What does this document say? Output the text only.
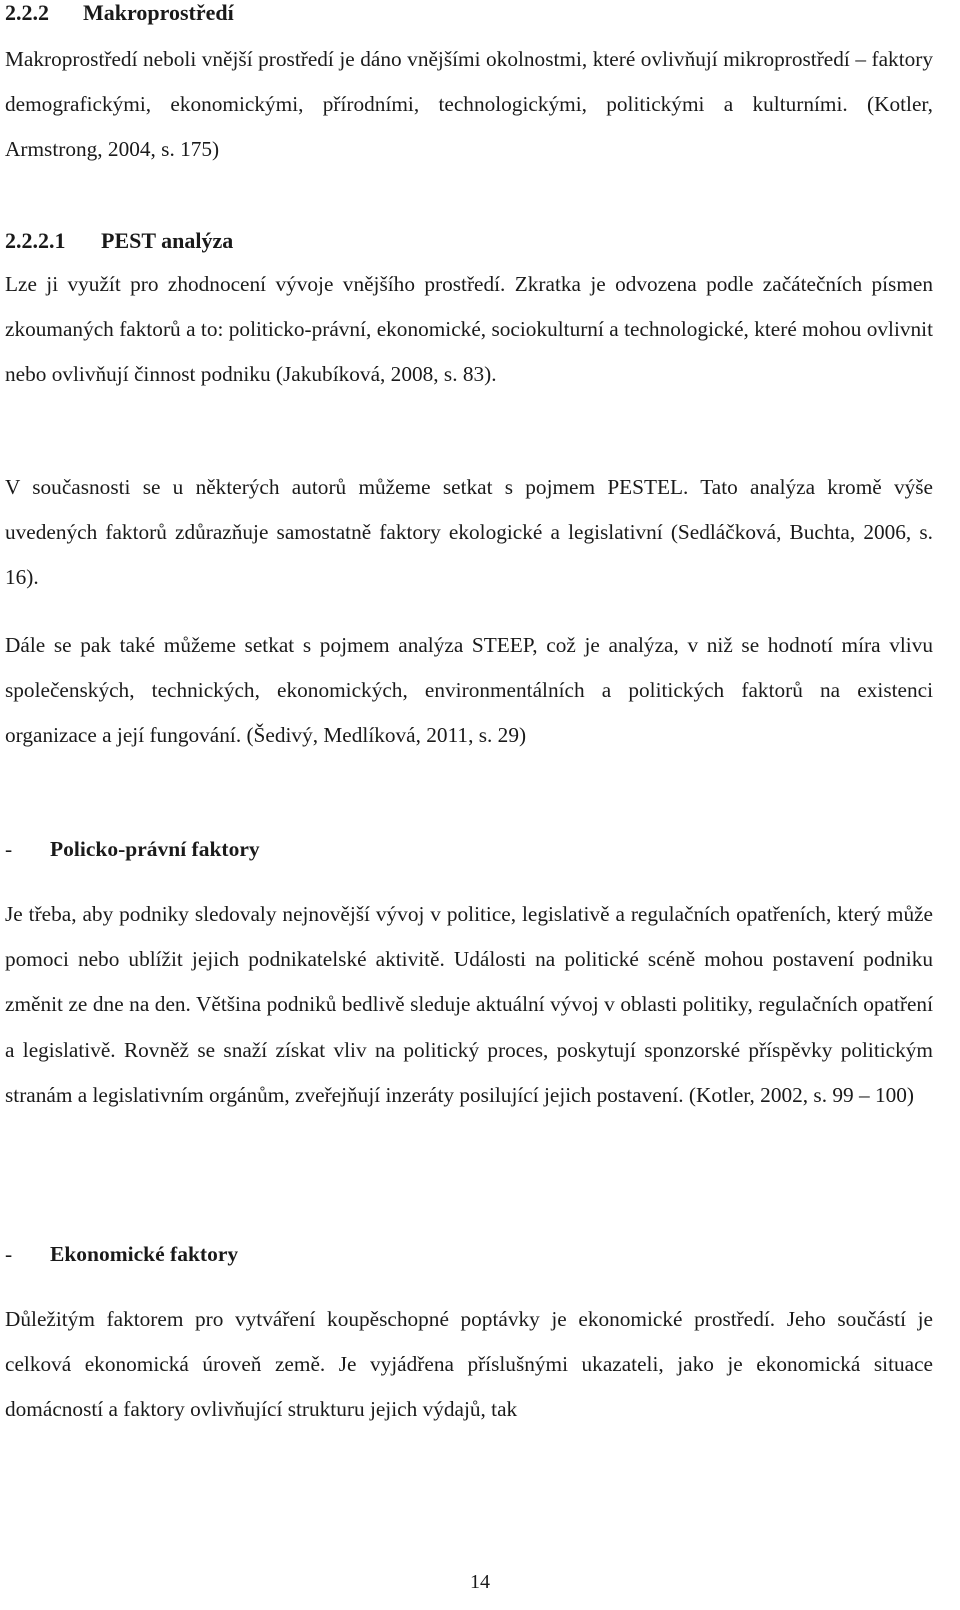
2.2.2 Makroprostředí

Makroprostředí neboli vnější prostředí je dáno vnějšími okolnostmi, které ovlivňují mikroprostředí – faktory demografickými, ekonomickými, přírodními, technologickými, politickými a kulturními. (Kotler, Armstrong, 2004, s. 175)

2.2.2.1 PEST analýza

Lze ji využít pro zhodnocení vývoje vnějšího prostředí. Zkratka je odvozena podle začátečních písmen zkoumaných faktorů a to: politicko-právní, ekonomické, sociokulturní a technologické, které mohou ovlivnit nebo ovlivňují činnost podniku (Jakubíková, 2008, s. 83).

V současnosti se u některých autorů můžeme setkat s pojmem PESTEL. Tato analýza kromě výše uvedených faktorů zdůrazňuje samostatně faktory ekologické a legislativní (Sedláčková, Buchta, 2006, s. 16).

Dále se pak také můžeme setkat s pojmem analýza STEEP, což je analýza, v niž se hodnotí míra vlivu společenských, technických, ekonomických, environmentálních a politických faktorů na existenci organizace a její fungování. (Šedivý, Medlíková, 2011, s. 29)

- Policko-právní faktory

Je třeba, aby podniky sledovaly nejnovější vývoj v politice, legislativě a regulačních opatřeních, který může pomoci nebo ublížit jejich podnikatelské aktivitě. Události na politické scéně mohou postavení podniku změnit ze dne na den. Většina podniků bedlivě sleduje aktuální vývoj v oblasti politiky, regulačních opatření a legislativě. Rovněž se snaží získat vliv na politický proces, poskytují sponzorské příspěvky politickým stranám a legislativním orgánům, zveřejňují inzeráty posilující jejich postavení. (Kotler, 2002, s. 99 – 100)

- Ekonomické faktory

Důležitým faktorem pro vytváření koupěschopné poptávky je ekonomické prostředí. Jeho součástí je celková ekonomická úroveň země. Je vyjádřena příslušnými ukazateli, jako je ekonomická situace domácností a faktory ovlivňující strukturu jejich výdajů, tak

14
